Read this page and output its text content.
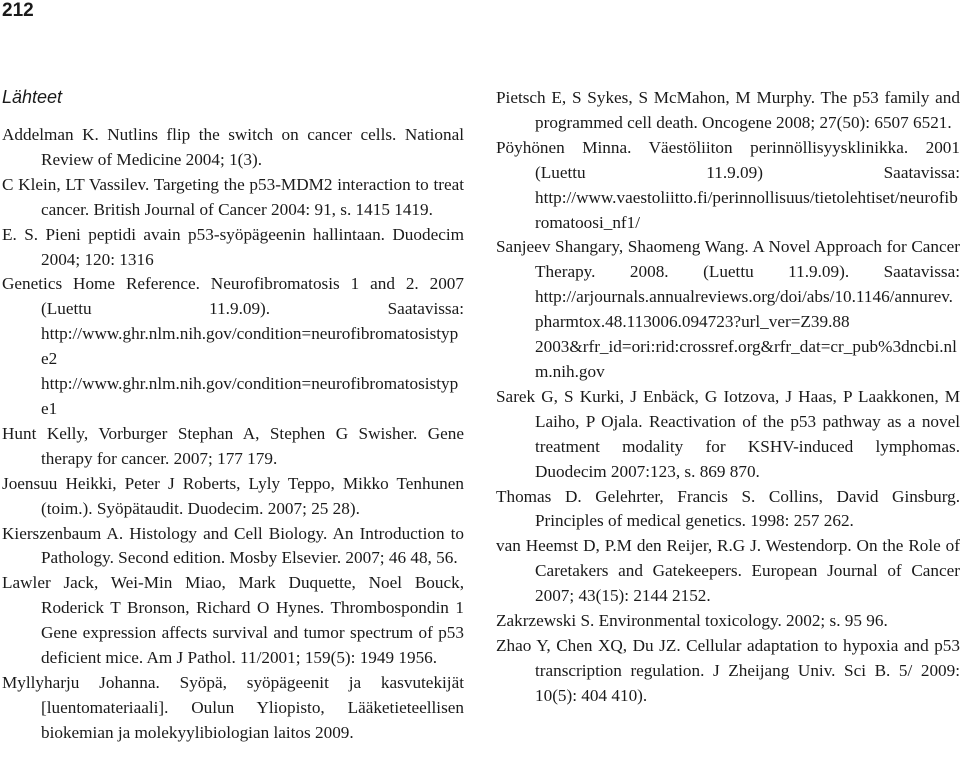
212
Lähteet

Addelman K. Nutlins flip the switch on cancer cells. National Review of Medicine 2004; 1(3).

C Klein, LT Vassilev. Targeting the p53-MDM2 interaction to treat cancer. British Journal of Cancer 2004: 91, s. 1415 1419.

E. S. Pieni peptidi avain p53-syöpägeenin hallintaan. Duodecim 2004; 120: 1316

Genetics Home Reference. Neurofibromatosis 1 and 2. 2007 (Luettu 11.9.09). Saatavissa: http://www.ghr.nlm.nih.gov/condition=neurofibromatosistype2 http://www.ghr.nlm.nih.gov/condition=neurofibromatosistype1

Hunt Kelly, Vorburger Stephan A, Stephen G Swisher. Gene therapy for cancer. 2007; 177 179.

Joensuu Heikki, Peter J Roberts, Lyly Teppo, Mikko Tenhunen (toim.). Syöpätaudit. Duodecim. 2007; 25 28).

Kierszenbaum A. Histology and Cell Biology. An Introduction to Pathology. Second edition. Mosby Elsevier. 2007; 46 48, 56.

Lawler Jack, Wei-Min Miao, Mark Duquette, Noel Bouck, Roderick T Bronson, Richard O Hynes. Thrombospondin 1 Gene expression affects survival and tumor spectrum of p53 deficient mice. Am J Pathol. 11/2001; 159(5): 1949 1956.

Myllyharju Johanna. Syöpä, syöpägeenit ja kasvutekijät [luentomateriaali]. Oulun Yliopisto, Lääketieteellisen biokemian ja molekyylibiologian laitos 2009.

Pietsch E, S Sykes, S McMahon, M Murphy. The p53 family and programmed cell death. Oncogene 2008; 27(50): 6507 6521.

Pöyhönen Minna. Väestöliiton perinnöllisyysklinikka. 2001 (Luettu 11.9.09) Saatavissa: http://www.vaestoliitto.fi/perinnollisuus/tietolehtiset/neurofibromatoosi_nf1/

Sanjeev Shangary, Shaomeng Wang. A Novel Approach for Cancer Therapy. 2008. (Luettu 11.9.09). Saatavissa: http://arjournals.annualreviews.org/doi/abs/10.1146/annurev.pharmtox.48.113006.094723?url_ver=Z39.88 2003&rfr_id=ori:rid:crossref.org&rfr_dat=cr_pub%3dncbi.nlm.nih.gov

Sarek G, S Kurki, J Enbäck, G Iotzova, J Haas, P Laakkonen, M Laiho, P Ojala. Reactivation of the p53 pathway as a novel treatment modality for KSHV-induced lymphomas. Duodecim 2007:123, s. 869 870.

Thomas D. Gelehrter, Francis S. Collins, David Ginsburg. Principles of medical genetics. 1998: 257 262.

van Heemst D, P.M den Reijer, R.G J. Westendorp. On the Role of Caretakers and Gatekeepers. European Journal of Cancer 2007; 43(15): 2144 2152.

Zakrzewski S. Environmental toxicology. 2002; s. 95 96.

Zhao Y, Chen XQ, Du JZ. Cellular adaptation to hypoxia and p53 transcription regulation. J Zheijang Univ. Sci B. 5/ 2009: 10(5): 404 410).
